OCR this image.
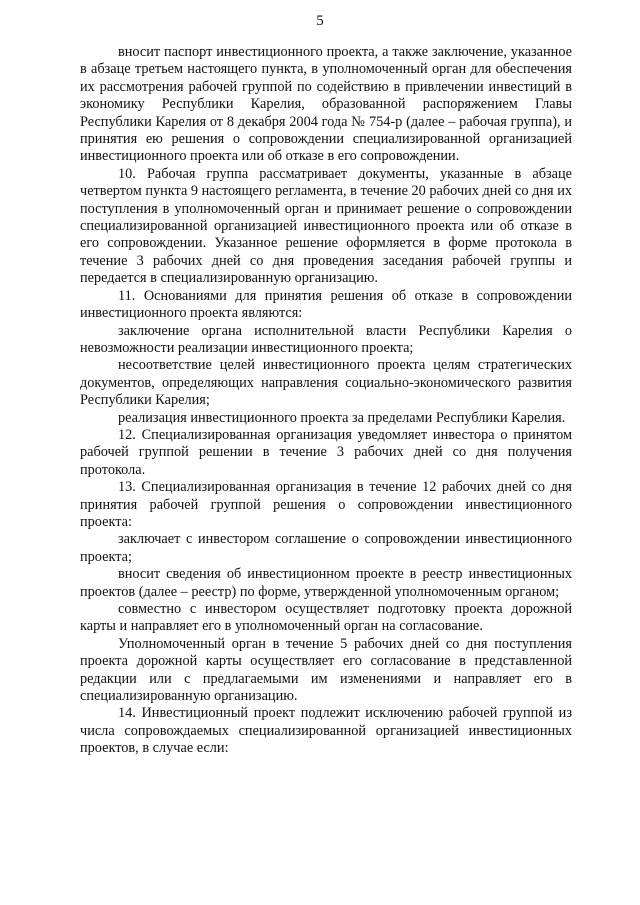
5

вносит паспорт инвестиционного проекта, а также заключение, указанное в абзаце третьем настоящего пункта, в уполномоченный орган для обеспечения их рассмотрения рабочей группой по содействию в привлечении инвестиций в экономику Республики Карелия, образованной распоряжением Главы Республики Карелия от 8 декабря 2004 года № 754-р (далее – рабочая группа), и принятия ею решения о сопровождении специализированной организацией инвестиционного проекта или об отказе в его сопровождении.

10. Рабочая группа рассматривает документы, указанные в абзаце четвертом пункта 9 настоящего регламента, в течение 20 рабочих дней со дня их поступления в уполномоченный орган и принимает решение о сопровождении специализированной организацией инвестиционного проекта или об отказе в его сопровождении. Указанное решение оформляется в форме протокола в течение 3 рабочих дней со дня проведения заседания рабочей группы и передается в специализированную организацию.

11. Основаниями для принятия решения об отказе в сопровождении инвестиционного проекта являются:

заключение органа исполнительной власти Республики Карелия о невозможности реализации инвестиционного проекта;

несоответствие целей инвестиционного проекта целям стратегических документов, определяющих направления социально-экономического развития Республики Карелия;

реализация инвестиционного проекта за пределами Республики Карелия.

12. Специализированная организация уведомляет инвестора о принятом рабочей группой решении в течение 3 рабочих дней со дня получения протокола.

13. Специализированная организация в течение 12 рабочих дней со дня принятия рабочей группой решения о сопровождении инвестиционного проекта:

заключает с инвестором соглашение о сопровождении инвестиционного проекта;

вносит сведения об инвестиционном проекте в реестр инвестиционных проектов (далее – реестр) по форме, утвержденной уполномоченным органом;

совместно с инвестором осуществляет подготовку проекта дорожной карты и направляет его в уполномоченный орган на согласование.

Уполномоченный орган в течение 5 рабочих дней со дня поступления проекта дорожной карты осуществляет его согласование в представленной редакции или с предлагаемыми им изменениями и направляет его в специализированную организацию.

14. Инвестиционный проект подлежит исключению рабочей группой из числа сопровождаемых специализированной организацией инвестиционных проектов, в случае если:
